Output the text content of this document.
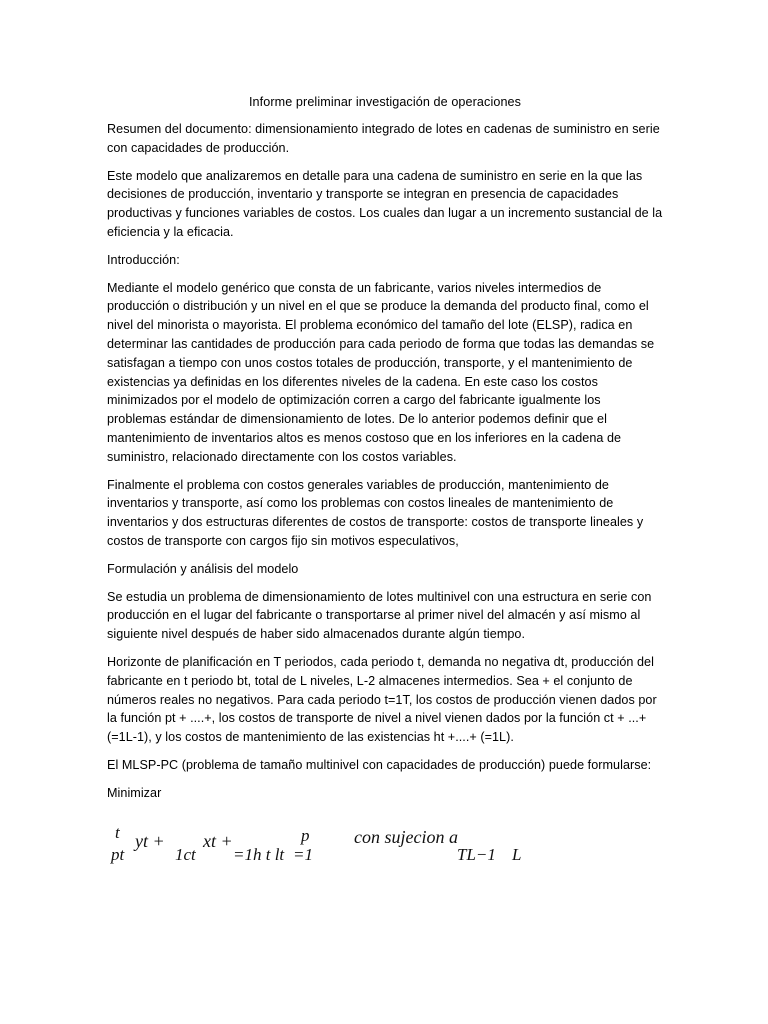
Informe preliminar investigación de operaciones

Resumen del documento: dimensionamiento integrado de lotes en cadenas de suministro en serie con capacidades de producción.

Este modelo que analizaremos en detalle para una cadena de suministro en serie en la que las decisiones de producción, inventario y transporte se integran en presencia de capacidades productivas y funciones variables de costos. Los cuales dan lugar a un incremento sustancial de la eficiencia y la eficacia.

Introducción:

Mediante el modelo genérico que consta de un fabricante, varios niveles intermedios de producción o distribución y un nivel en el que se produce la demanda del producto final, como el nivel del minorista o mayorista. El problema económico del tamaño del lote (ELSP), radica en determinar las cantidades de producción para cada periodo de forma que todas las demandas se satisfagan a tiempo con unos costos totales de producción, transporte, y el mantenimiento de existencias ya definidas en los diferentes niveles de la cadena. En este caso los costos minimizados por el modelo de optimización corren a cargo del fabricante igualmente los problemas estándar de dimensionamiento de lotes. De lo anterior podemos definir que el mantenimiento de inventarios altos es menos costoso que en los inferiores en la cadena de suministro, relacionado directamente con los costos variables.

Finalmente el problema con costos generales variables de producción, mantenimiento de inventarios y transporte, así como los problemas con costos lineales de mantenimiento de inventarios y dos estructuras diferentes de costos de transporte: costos de transporte lineales y costos de transporte con cargos fijo sin motivos especulativos,

Formulación y análisis del modelo

Se estudia un problema de dimensionamiento de lotes multinivel con una estructura en serie con producción en el lugar del fabricante o transportarse al primer nivel del almacén y así mismo al siguiente nivel después de haber sido almacenados durante algún tiempo.

Horizonte de planificación en T periodos, cada periodo t, demanda no negativa dt, producción del fabricante en t periodo bt, total de L niveles, L-2 almacenes intermedios. Sea + el conjunto de números reales no negativos. Para cada periodo t=1T, los costos de producción vienen dados por la función pt + ....+, los costos de transporte de nivel a nivel vienen dados por la función ct + ...+ (=1L-1), y los costos de mantenimiento de las existencias ht +....+ (=1L).

El MLSP-PC (problema de tamaño multinivel con capacidades de producción) puede formularse:

Minimizar

t
pt
yt +
1ct
xt +
=1h t lt
p
=1
con sujecion a
TL−1 L
